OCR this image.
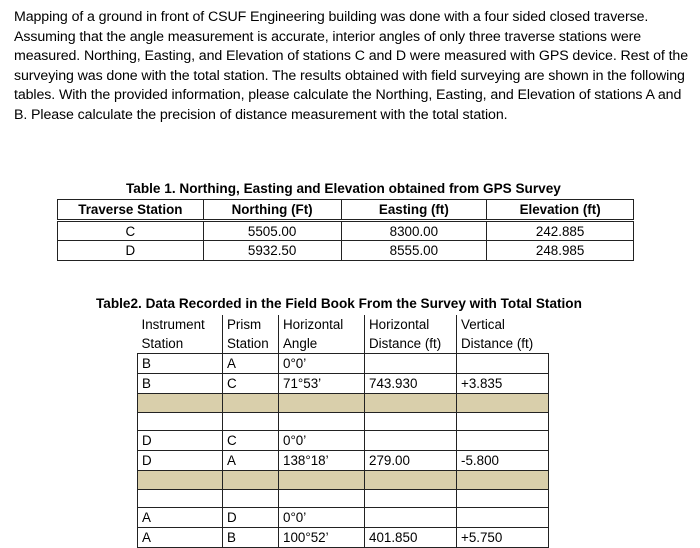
Mapping of a ground in front of CSUF Engineering building was done with a four sided closed traverse. Assuming that the angle measurement is accurate, interior angles of only three traverse stations were measured. Northing, Easting, and Elevation of stations C and D were measured with GPS device. Rest of the surveying was done with the total station. The results obtained with field surveying are shown in the following tables. With the provided information, please calculate the Northing, Easting, and Elevation of stations A and B. Please calculate the precision of distance measurement with the total station.

Table 1. Northing, Easting and Elevation obtained from GPS Survey
Traverse Station	Northing (Ft)	Easting (ft)	Elevation (ft)
C	5505.00	8300.00	242.885
D	5932.50	8555.00	248.985
Table2. Data Recorded in the Field Book From the Survey with Total Station
Instrument	Prism	Horizontal	Horizontal	Vertical
Station	Station	Angle	Distance (ft)	Distance (ft)
B	A	0°0’		
B	C	71°53’	743.930	+3.835

D	C	0°0’		
D	A	138°18’	279.00	-5.800

A	D	0°0’		
A	B	100°52’	401.850	+5.750
